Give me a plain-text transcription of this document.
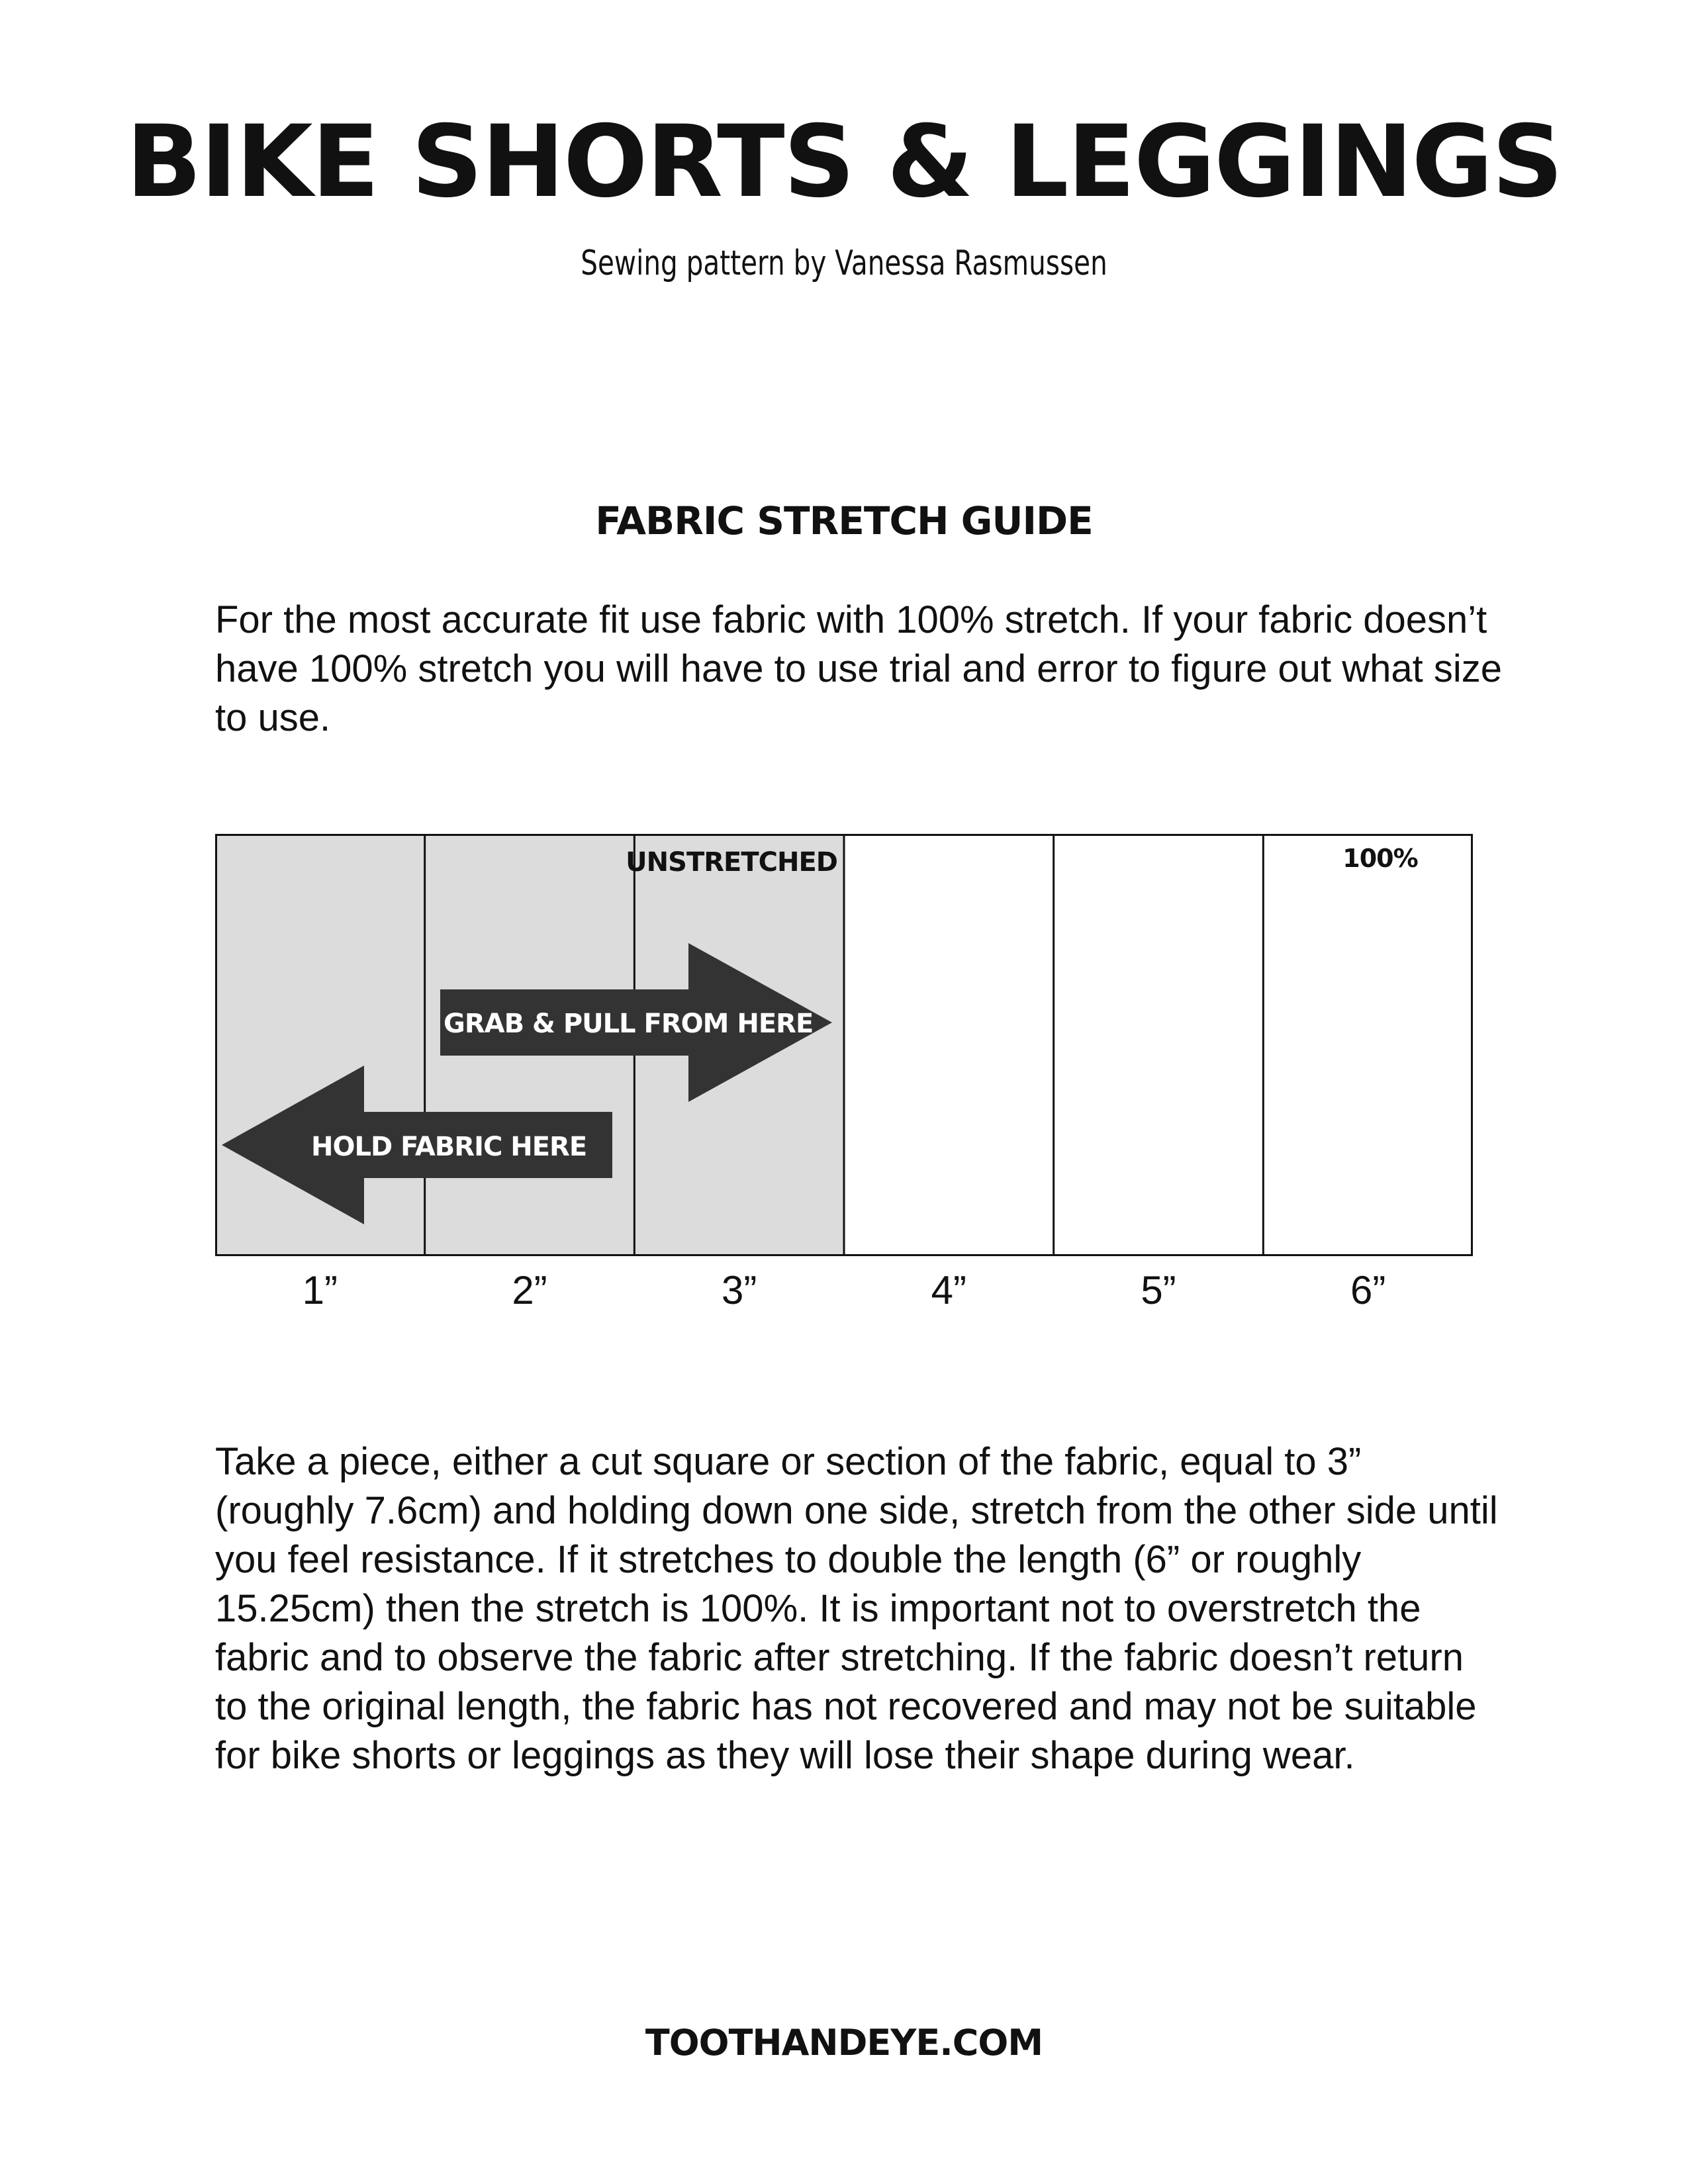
BIKE SHORTS & LEGGINGS
Sewing pattern by Vanessa Rasmussen
FABRIC STRETCH GUIDE

For the most accurate fit use fabric with 100% stretch. If your fabric doesn’t have 100% stretch you will have to use trial and error to figure out what size to use.

UNSTRETCHED	100%
GRAB & PULL FROM HERE
HOLD FABRIC HERE
1”	2”	3”	4”	5”	6”

Take a piece, either a cut square or section of the fabric, equal to 3” (roughly 7.6cm) and holding down one side, stretch from the other side until you feel resistance. If it stretches to double the length (6” or roughly 15.25cm) then the stretch is 100%. It is important not to overstretch the fabric and to observe the fabric after stretching. If the fabric doesn’t return to the original length, the fabric has not recovered and may not be suitable for bike shorts or leggings as they will lose their shape during wear.

TOOTHANDEYE.COM
